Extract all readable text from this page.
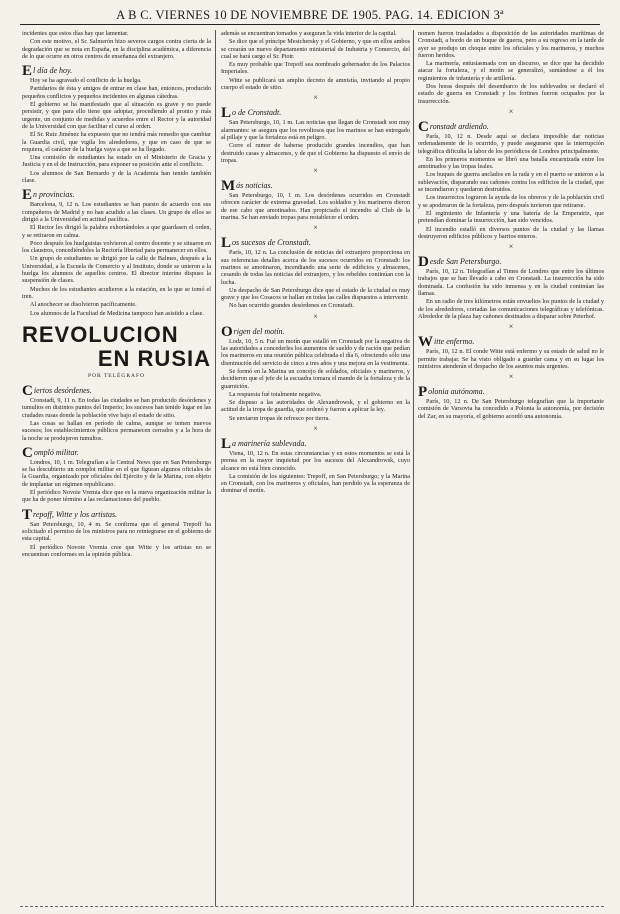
A B C. VIERNES 10 DE NOVIEMBRE DE 1905. PAG. 14. EDICION 3ª

incidentes que estos días hay que lamentar.

Con este motivo, el Sr. Salmerón hizo severos cargos contra cierta de la degradación que se nota en España, en la disciplina académica, a diferencia de lo que ocurre en otros centros de enseñanza del extranjero.

El día de hoy.

Hoy se ha agravado el conflicto de la huelga.

Partidarios de ésta y amigos de entrar en clase han, entonces, producido pequeños conflictos y pequeños incidentes en algunas cátedras.

El gobierno se ha manifestado que al situación es grave y no puede persistir, y que para ello tiene que adoptar, procediendo al pronto y más urgente, un conjunto de medidas y acuerdos entre el Rector y la autoridad de la Universidad con que facilitar el curso al orden.

El Sr. Ruiz Jiménez ha expuesto que no tendrá más remedio que cambiar la Guardia civil, que vigila los alrededores, y que en caso de que se requiera, el carácter de la huelga vaya a que se ha llegado.

Una comisión de estudiantes ha estado en el Ministerio de Gracia y Justicia y en el de Instrucción, para exponer su posición ante el conflicto.

Los alumnos de San Bernardo y de la Academia han tenido también clase.

En provincias.

Barcelona, 9, 12 n. Los estudiantes se han puesto de acuerdo con sus compañeros de Madrid y no han acudido a las clases. Un grupo de ellos se dirigió a la Universidad en actitud pacífica.

El Rector les dirigió la palabra exhortándoles a que guardasen el orden, y se retiraron en calma.

Poco después los huelguistas volvieron al centro docente y se situaron en los claustros, concediéndoles la Rectoría libertad para permanecer en ellos.

Un grupo de estudiantes se dirigió por la calle de Balmes, después a la Universidad, a la Escuela de Comercio y al Instituto, donde se unieron a la huelga los alumnos de aquellos centros. El director interino dispuso la suspensión de clases.

Muchos de los estudiantes acudieron a la estación, en la que se tomó el tren.

Al anochecer se disolvieron pacíficamente.

Los alumnos de la Facultad de Medicina tampoco han asistido a clase.

REVOLUCION
EN RUSIA
POR TELÉGRAFO
Ciertos desórdenes.

Cronstadt, 9, 11 n. En todas las ciudades se han producido desórdenes y tumultos en distintos puntos del Imperio; los sucesos han tenido lugar en las ciudades rusas donde la población vive bajo el estado de sitio.

Las cosas se hallan en período de calma, aunque se temen nuevos sucesos; los establecimientos públicos permanecen cerrados y a la hora de la noche se produjeron tumultos.

Compló militar.

Londres, 10, 1 m. Telegrafían a la Central News que en San Petersburgo se ha descubierto un complot militar en el que figuran algunos oficiales de la Guardia, organizado por oficiales del Ejército y de la Marina, con objeto de implantar un régimen republicano.

El periódico Novoie Vremia dice que es la nueva organización militar la que ha de poner término a las reclamaciones del pueblo.

Trepoff, Witte y los artistas.

San Petersburgo, 10, 4 m. Se confirma que el general Trepoff ha solicitado el permiso de los ministros para no reintegrarse en el gobierno de esta capital.

El periódico Novoie Vremia cree que Witte y los artistas no se encuentran conformes en la opinión pública.

además se encuentran tomados y aseguran la vida interior de la capital.

Se dice que el príncipe Mestchersky y el Gobierno, y que en ellos ambos se crearán un nuevo departamento ministerial de Industria y Comercio, del cual se hará cargo el Sr. Piotr.

Es muy probable que Trepoff sea nombrado gobernador de los Palacios Imperiales.

Witte se publicará un amplio decreto de amnistía, invitando al propio cuerpo el estado de sitio.

×
Lo de Cronstadt.

San Petersburgo, 10, 1 m. Las noticias que llegan de Cronstadt son muy alarmantes: se asegura que los revoltosos que los marinos se han entregado al pillaje y que la fortaleza está en peligro.

Corre el rumor de haberse producido grandes incendios, que han destruido casas y almacenes, y de que el Gobierno ha dispuesto el envío de tropas.

×
Más noticias.

San Petersburgo, 10, 1 m. Los desórdenes ocurridos en Cronstadt ofrecen carácter de extrema gravedad. Los soldados y los marineros dieron de ese cabo que amotinados. Han propiciado el incendio al Club de la marina. Se han enviado tropas para restablecer el orden.

×
Los sucesos de Cronstadt.

París, 10, 12 n. La conclusión de noticias del extranjero proporciona en sus referencias detalles acerca de los sucesos ocurridos en Cronstadt: los marinos se amotinaron, incendiando una serie de edificios y almacenes, cesando de todas las noticias del extranjero, y los rebeldes continúan con la lucha.

Un despacho de San Petersburgo dice que el estado de la ciudad es muy grave y que los Cosacos se hallan en todas las calles dispuestos a intervenir.

No han ocurrido grandes desórdenes en Cronstadt.

×
Origen del motín.

Lodz, 10, 5 n. Fué un motín que estalló en Cronstadt por la negativa de las autoridades a concederles los aumentos de sueldo y de ración que pedían los marineros en una reunión pública celebrada el día 6, ofreciendo sólo una disminución del servicio de cinco a tres años y una mejora en la vestimenta.

Se formó en la Marina un concejo de soldados, oficiales y marineros, y decidieron que el jefe de la escuadra tomara el mando de la fortaleza y de la guarnición.

La respuesta fué totalmente negativa.

Se dispuso a las autoridades de Alexandrowsk, y el gobierno en la actitud de la tropa de guardia, que ordenó y fueron a aplicar la ley.

Se enviaron tropas de refresco por tierra.

×
La marinería sublevada.

Viena, 10, 12 n. En estas circunstancias y en estos momentos se está la prensa en la mayor inquietud por los sucesos del Alexandrowsk, cuyo alcance no está bien conocido.

La comisión de los siguientes: Trepoff, en San Petersburgo; y la Marina en Cronstadt, con los marineros y oficiales, han perdido ya la esperanza de dominar el motín.

nomen fueron trasladados a disposición de las autoridades marítimas de Cronstadt, a bordo de un buque de guerra, pero a su regreso en la tarde de ayer se produjo un choque entre los oficiales y los marineros, y muchos fueron heridos.

La marinería, entusiasmada con un discurso, se dice que ha decidido atacar la fortaleza, y el motín se generalizó, sumándose a él los regimientos de infantería y de artillería.

Dos horas después del desembarco de los sublevados se declaró el estado de guerra en Cronstadt y los fortines fueron ocupados por la insurrección.

×
Cronstadt ardiendo.

París, 10, 12 n. Desde aquí se declara imposible dar noticias ordenadamente de lo ocurrido, y puede asegurarse que la interrupción telegráfica dificulta la labor de los periódicos de Londres principalmente.

En los primeros momentos se libró una batalla encarnizada entre los amotinados y las tropas leales.

Los buques de guerra anclados en la rada y en el puerto se unieron a la sublevación, disparando sus cañones contra los edificios de la ciudad, que se incendiaron y quedaron destruidos.

Los insurrectos lograron la ayuda de los obreros y de la población civil y se apoderaron de la fortaleza, pero después tuvieron que retirarse.

El regimiento de Infantería y una batería de la Emperatriz, que pretendían dominar la insurrección, han sido vencidos.

El incendio estalló en diversos puntos de la ciudad y las llamas destruyeron edificios públicos y barrios enteros.

×
Desde San Petersburgo.

París, 10, 12 n. Telegrafían al Times de Londres que entre los últimos trabajos que se han llevado a cabo en Cronstadt. La insurrección ha sido dominada. La confusión ha sido inmensa y en la ciudad continúan las llamas.

En un radio de tres kilómetros están envueltos los puntos de la ciudad y de los alrededores, cortadas las comunicaciones telegráficas y telefónicas. Alrededor de la plaza hay cañones destinados a disparar sobre Peterhof.

×
Witte enfermo.

París, 10, 12 n. El conde Witte está enfermo y su estado de salud no le permite trabajar. Se ha visto obligado a guardar cama y en su lugar los ministros atenderán el despacho de los asuntos más urgentes.

×
Polonia autónoma.

París, 10, 12 n. De San Petersburgo telegrafían que la importante comisión de Varsovia ha concedido a Polonia la autonomía, por decisión del Zar, en su mayoría, el gobierno acordó una autonomía.
